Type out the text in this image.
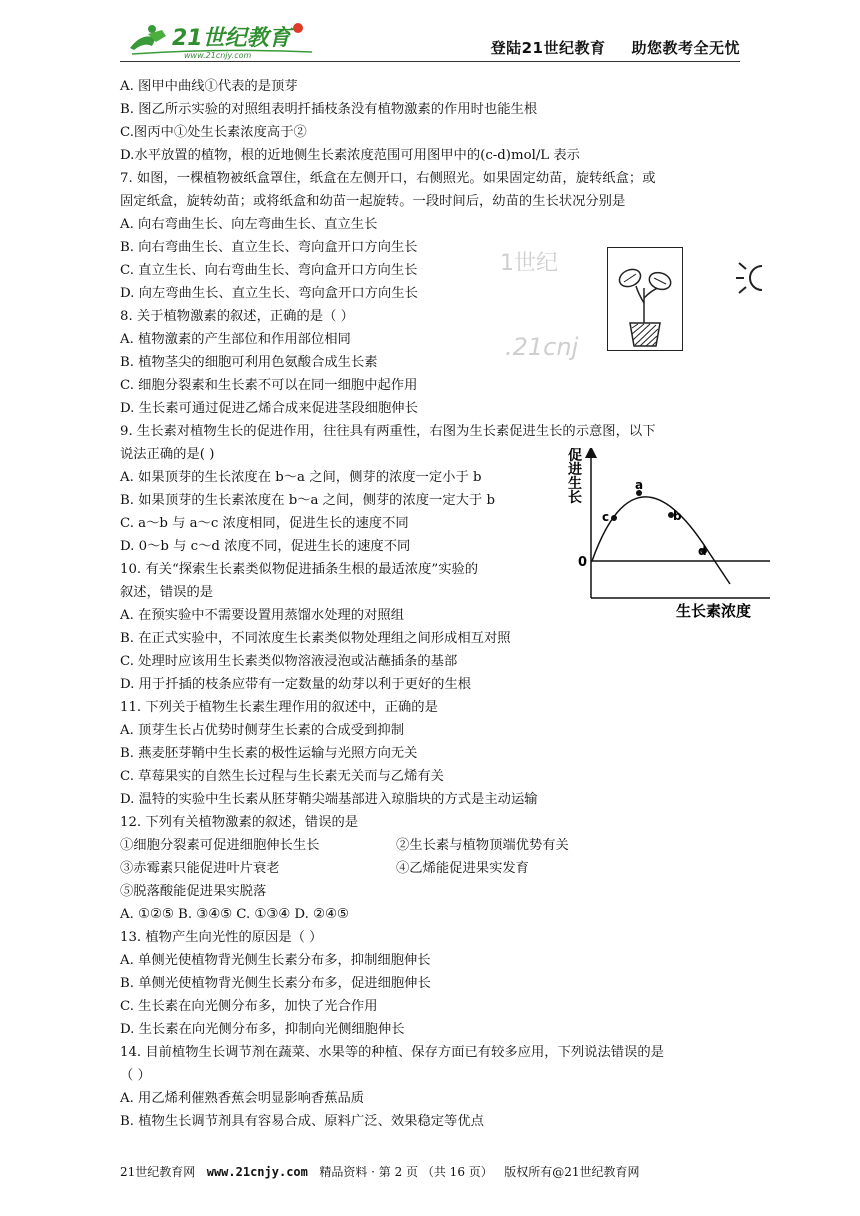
21世纪教育
www.21cnjy.com	登陆21世纪教育 助您教考全无忧
1世纪
.21cnj
A. 图甲中曲线①代表的是顶芽
B. 图乙所示实验的对照组表明扦插枝条没有植物激素的作用时也能生根
C.图丙中①处生长素浓度高于②
D.水平放置的植物，根的近地侧生长素浓度范围可用图甲中的(c-d)mol/L 表示
7. 如图，一棵植物被纸盒罩住，纸盒在左侧开口，右侧照光。如果固定幼苗，旋转纸盒；或
固定纸盒，旋转幼苗；或将纸盒和幼苗一起旋转。一段时间后，幼苗的生长状况分别是
A. 向右弯曲生长、向左弯曲生长、直立生长
B. 向右弯曲生长、直立生长、弯向盒开口方向生长
C. 直立生长、向右弯曲生长、弯向盒开口方向生长
D. 向左弯曲生长、直立生长、弯向盒开口方向生长
8. 关于植物激素的叙述，正确的是（ ）
A. 植物激素的产生部位和作用部位相同
B. 植物茎尖的细胞可利用色氨酸合成生长素
C. 细胞分裂素和生长素不可以在同一细胞中起作用
D. 生长素可通过促进乙烯合成来促进茎段细胞伸长
9. 生长素对植物生长的促进作用，往往具有两重性，右图为生长素促进生长的示意图，以下
说法正确的是( )
A. 如果顶芽的生长浓度在 b～a 之间，侧芽的浓度一定小于 b
B. 如果顶芽的生长素浓度在 b～a 之间，侧芽的浓度一定大于 b
C. a～b 与 a～c 浓度相同，促进生长的速度不同
D. 0～b 与 c～d 浓度不同，促进生长的速度不同
10. 有关“探索生长素类似物促进插条生根的最适浓度”实验的
叙述，错误的是
A. 在预实验中不需要设置用蒸馏水处理的对照组
B. 在正式实验中，不同浓度生长素类似物处理组之间形成相互对照
C. 处理时应该用生长素类似物溶液浸泡或沾蘸插条的基部
D. 用于扦插的枝条应带有一定数量的幼芽以利于更好的生根
11. 下列关于植物生长素生理作用的叙述中，正确的是
A. 顶芽生长占优势时侧芽生长素的合成受到抑制
B. 燕麦胚芽鞘中生长素的极性运输与光照方向无关
C. 草莓果实的自然生长过程与生长素无关而与乙烯有关
D. 温特的实验中生长素从胚芽鞘尖端基部进入琼脂块的方式是主动运输
12. 下列有关植物激素的叙述，错误的是
①细胞分裂素可促进细胞伸长生长	②生长素与植物顶端优势有关
③赤霉素只能促进叶片衰老	④乙烯能促进果实发育
⑤脱落酸能促进果实脱落
A. ①②⑤ B. ③④⑤ C. ①③④ D. ②④⑤
13. 植物产生向光性的原因是（ ）
A. 单侧光使植物背光侧生长素分布多，抑制细胞伸长
B. 单侧光使植物背光侧生长素分布多，促进细胞伸长
C. 生长素在向光侧分布多，加快了光合作用
D. 生长素在向光侧分布多，抑制向光侧细胞伸长
14. 目前植物生长调节剂在蔬菜、水果等的种植、保存方面已有较多应用，下列说法错误的是
（ ）
A. 用乙烯利催熟香蕉会明显影响香蕉品质
B. 植物生长调节剂具有容易合成、原料广泛、效果稳定等优点
促
进
生
长
0
a
b
c
d
生长素浓度
21世纪教育网 www.21cnjy.com 精品资料 · 第 2 页 （共 16 页） 版权所有@21世纪教育网
